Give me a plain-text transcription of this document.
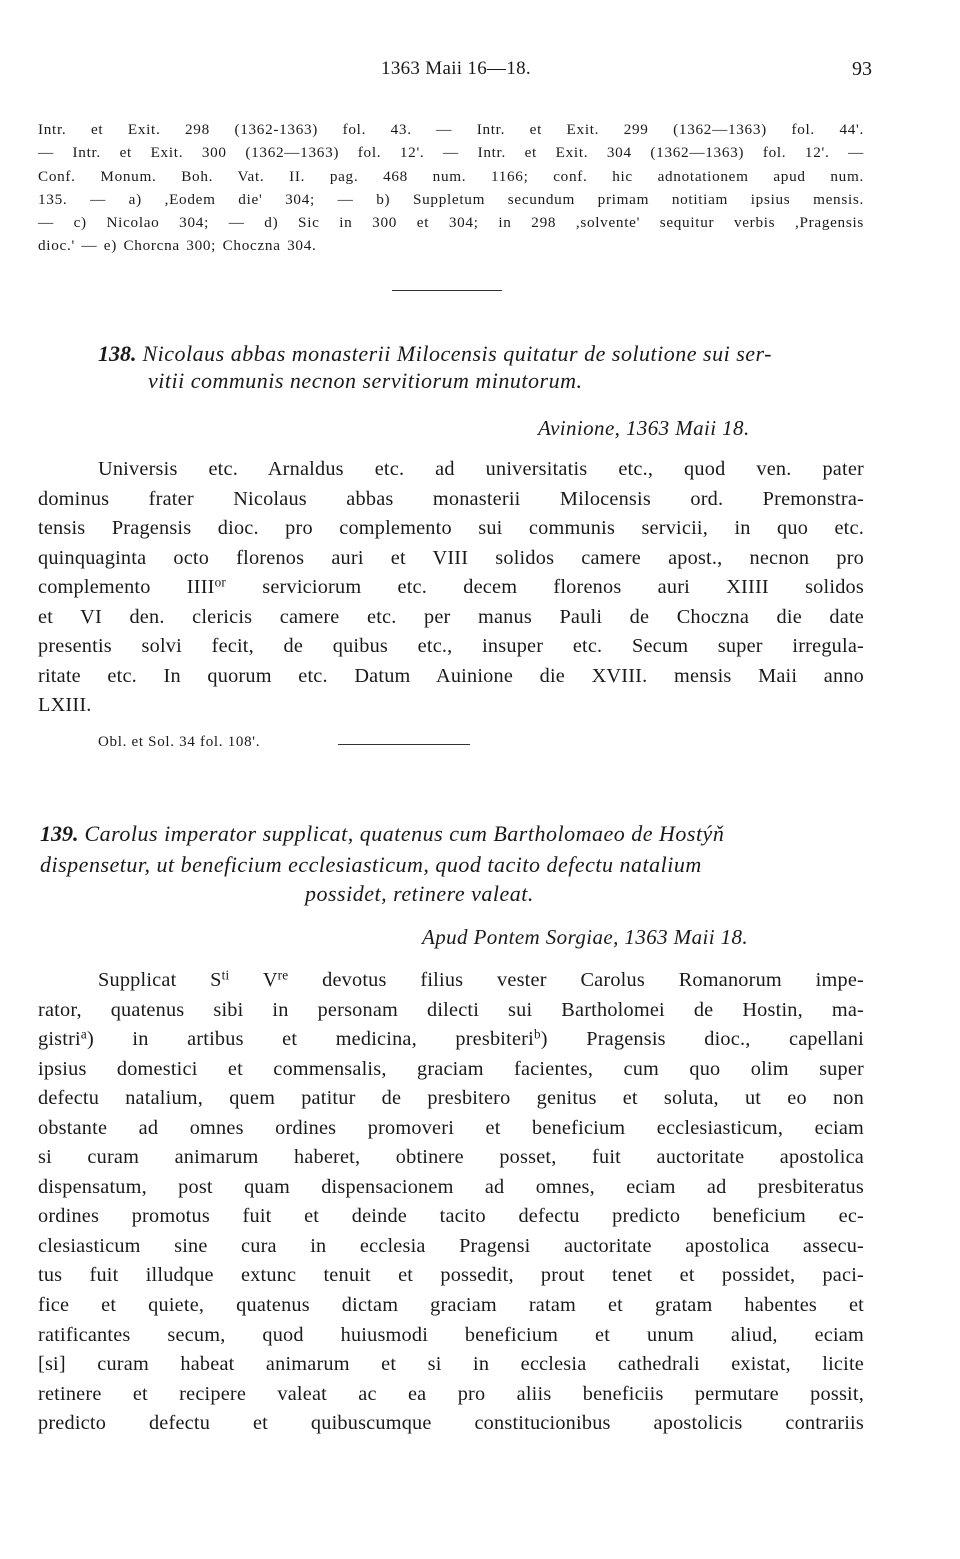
1363 Maii 16—18.	93
Intr. et Exit. 298 (1362-1363) fol. 43. — Intr. et Exit. 299 (1362—1363) fol. 44'.
— Intr. et Exit. 300 (1362—1363) fol. 12'. — Intr. et Exit. 304 (1362—1363) fol. 12'. —
Conf. Monum. Boh. Vat. II. pag. 468 num. 1166; conf. hic adnotationem apud num.
135. — a) ,Eodem die' 304; — b) Suppletum secundum primam notitiam ipsius mensis.
— c) Nicolao 304; — d) Sic in 300 et 304; in 298 ,solvente' sequitur verbis ,Pragensis
dioc.' — e) Chorcna 300; Choczna 304.
138. Nicolaus abbas monasterii Milocensis quitatur de solutione sui ser-
vitii communis necnon servitiorum minutorum.
Avinione, 1363 Maii 18.
Universis etc. Arnaldus etc. ad universitatis etc., quod ven. pater
dominus frater Nicolaus abbas monasterii Milocensis ord. Premonstra-
tensis Pragensis dioc. pro complemento sui communis servicii, in quo etc.
quinquaginta octo florenos auri et VIII solidos camere apost., necnon pro
complemento $IIII^{or}$ serviciorum etc. decem florenos auri XIIII solidos
et VI den. clericis camere etc. per manus Pauli de Choczna die date
presentis solvi fecit, de quibus etc., insuper etc. Secum super irregula-
ritate etc. In quorum etc. Datum Auinione die XVIII. mensis Maii anno
LXIII.
Obl. et Sol. 34 fol. 108'.
139. Carolus imperator supplicat, quatenus cum Bartholomaeo de Hostýň
dispensetur, ut beneficium ecclesiasticum, quod tacito defectu natalium
possidet, retinere valeat.
Apud Pontem Sorgiae, 1363 Maii 18.
Supplicat $S^{ti}$ Vre devotus filius vester Carolus Romanorum impe-
rator, quatenus sibi in personam dilecti sui Bartholomei de Hostin, ma-
gistri$^a$) in artibus et medicina, presbiteri$^b$) Pragensis dioc., capellani
ipsius domestici et commensalis, graciam facientes, cum quo olim super
defectu natalium, quem patitur de presbitero genitus et soluta, ut eo non
obstante ad omnes ordines promoveri et beneficium ecclesiasticum, eciam
si curam animarum haberet, obtinere posset, fuit auctoritate apostolica
dispensatum, post quam dispensacionem ad omnes, eciam ad presbiteratus
ordines promotus fuit et deinde tacito defectu predicto beneficium ec-
clesiasticum sine cura in ecclesia Pragensi auctoritate apostolica assecu-
tus fuit illudque extunc tenuit et possedit, prout tenet et possidet, paci-
fice et quiete, quatenus dictam graciam ratam et gratam habentes et
ratificantes secum, quod huiusmodi beneficium et unum aliud, eciam
[si] curam habeat animarum et si in ecclesia cathedrali existat, licite
retinere et recipere valeat ac ea pro aliis beneficiis permutare possit,
predicto defectu et quibuscumque constitucionibus apostolicis contrariis
